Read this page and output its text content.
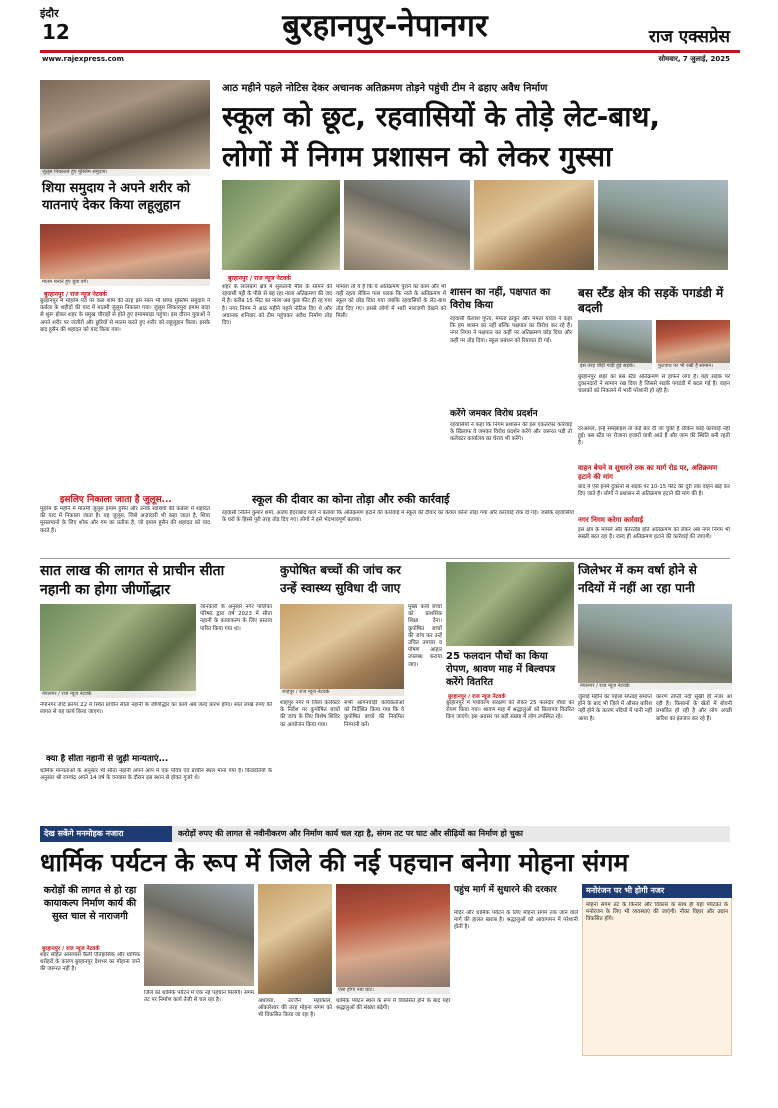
इंदौर
12	बुरहानपुर-नेपानगर	राज एक्सप्रेस
www.rajexpress.com	सोमवार, 7 जुलाई, 2025
जुलूस निकालते हुए मुस्लिम समुदाय।
शिया समुदाय ने अपने शरीर को यातनाएं देकर किया लहूलुहान
मातम मनाते हुए युवा वर्ग।
बुरहानपुर / राज न्यूज नेटवर्क
बुरहानपुर में मोहर्रम पर्व पर कल शाम की तरह इस साल भी शिया मुस्लिम समुदाय ने कर्बला के शहीदों की याद में मातमी जुलूस निकाला गया। जुलूस शिकारपुरा इमाम बाड़ा से शुरू होकर शहर के प्रमुख चौराहों से होते हुए इमामबाड़ा पहुंचा। इस दौरान युवाओं ने अपने शरीर पर जंजीरों और छुरियों से मातम करते हुए शरीर को लहूलुहान किया। इसके बाद हुसैन की शहादत को याद किया गया।
इसलिए निकाला जाता है जुलूस...
मुहर्रम के महीने में मातमी जुलूस इमाम हुसैन और उनके साथियों की कर्बला में शहादत की याद में निकाला जाता है। यह जुलूस, जिसे अज़ादारी भी कहा जाता है, शिया मुसलमानों के लिए शोक और गम का प्रतीक है, जो इमाम हुसैन की शहादत को याद करते हैं।
आठ महीने पहले नोटिस देकर अचानक अतिक्रमण तोड़ने पहुंची टीम ने ढहाए अवैध निर्माण
स्कूल को छूट, रहवासियों के तोड़े लेट-बाथ,
लोगों में निगम प्रशासन को लेकर गुस्सा
बुरहानपुर / राज न्यूज नेटवर्क
शहर के लालबाग क्षेत्र में सुलतानी मौल के सामने की रहवासी पट्टी के पीछे से बह रहा नाला अतिक्रमण की जद में है। करीब 15 फीट का नाला अब कुछ फीट ही रह गया है। नगर निगम ने आठ महीने पहले नोटिस दिए थे और अचानक शनिवार को टीम पहुंचकर अवैध निर्माण तोड़ दिए।
मामला तो ये है कि ये अतिक्रमण पुराने का काम और भी यही रहता लेकिन पास पलक कि नाले के अतिक्रमण में स्कूल को छोड़ दिया गया जबकि रहवासियों के लेट-बाथ तोड़ दिए गए। इससे लोगों में भारी नाराजगी देखने को मिली।
शासन का नहीं, पक्षपात का विरोध किया
रहवासी कैलाश गुप्ता, ममता ठाकुर और ममता यादव ने कहा कि हम शासन का नहीं बल्कि पक्षपात का विरोध कर रहे हैं। नगर निगम ने पक्षपात कर कहीं पर अतिक्रमण छोड़ दिया और कहीं पर तोड़ दिया। स्कूल प्रबंधन को रियायत दी गई।
करेंगे जमकर विरोध प्रदर्शन
रहवासियों ने कहा कि निगम प्रशासन की इस एकतरफा कार्रवाई के खिलाफ वे जमकर विरोध प्रदर्शन करेंगे और जरूरत पड़ी तो कलेक्टर कार्यालय का घेराव भी करेंगे।
स्कूल की दीवार का कोना तोड़ा और रुकी कार्रवाई
रहवासी नितिन कुमार शर्मा, अजय हैदराबाद वाले ने बताया कि अतिक्रमण हटाने की कार्रवाई में स्कूल की दीवार का केवल कोना तोड़ा गया और कार्रवाई रोक दी गई। जबकि रहवासियों के घरों के हिस्से पूरी तरह तोड़ दिए गए। लोगों ने इसे भेदभावपूर्ण बताया।
बस स्टैंड क्षेत्र की सड़कें पगडंडी में बदली
इस तरह चौड़ी गाड़ी हुई सड़कें।	फुटपाथ पर भी रखी है सामान।
बुरहानपुर शहर का बस स्टैंड अतिक्रमण से हांफने लगा है। यहां सड़क पर दुकानदारों ने सामान रख दिया है जिससे सड़कें पगडंडी में बदल गई हैं। वाहन चालकों को निकलने में भारी परेशानी हो रही है।
दरअसल, इन्हें समझाइश तो कई बार दी जा चुकी है लेकिन कोई कार्रवाई नहीं हुई। बस स्टैंड पर रोजाना हजारों यात्री आते हैं और जाम की स्थिति बनी रहती है।
वाहन बेचने व सुधारने तक का मार्ग रोड पर, अतिक्रमण हटाने की मांग
बाद में ऐसे इनमें दुकानों से सड़क पर 10-15 फीट की दूरी तक वाहन खड़े कर दिए जाते हैं। लोगों ने प्रशासन से अतिक्रमण हटाने की मांग की है।
नगर निगम करेगा कार्रवाई
इस क्षेत्र के मामले और बेतरतीब होते अतिक्रमण को लेकर अब नगर निगम भी सख्ती बरत रहा है। जल्द ही अतिक्रमण हटाने की कार्रवाई की जाएगी।
सात लाख की लागत से प्राचीन सीता नहानी का होगा जीर्णोद्धार
नेपानगर / राज न्यूज नेटवर्क
जानकारी के अनुसार नगर पालिका परिषद द्वारा वर्ष 2023 में सीता नहानी के कायाकल्प के लिए प्रस्ताव पारित किया गया था।
नेपानगर जांदे फ्रांगर 22 में स्थित प्राचीन सीता नहानी के जीर्णोद्धार का कार्य अब जल्द प्रारंभ होगा। सात लाख रुपए की लागत से यह कार्य किया जाएगा।
क्या है सीता नहानी से जुड़ी मान्यताएं...
धार्मिक मान्यताओं के अनुसार भी सीता नहानी अपने आप में एक पवित्र एवं प्राचीन स्थल माना गया है। किवदंतियों के अनुसार श्री रामचंद्र अपने 14 वर्ष के वनवास के दौरान इस स्थान से होकर गुजरे थे।
कुपोषित बच्चों की जांच कर
उन्हें स्वास्थ्य सुविधा दी जाए
शाहपुर / राज न्यूज नेटवर्क
मुख्य कार्य बच्चों को प्राथमिक शिक्षा देना। कुपोषित बच्चों की जांच कर उन्हें उचित उपचार व पोषण आहार उपलब्ध कराया जाए।
शाहपुर नगर में जिला कलेक्टर के निर्देश पर कुपोषित बच्चों की जांच के लिए विशेष शिविर का आयोजन किया गया।
सभी आंगनवाड़ी कार्यकर्ताओं को निर्देशित किया गया कि वे कुपोषित बच्चों की नियमित निगरानी करें।
25 फलदान पौधों का किया रोपण, श्रावण माह में बिल्वपत्र करेंगे वितरित
बुरहानपुर / राज न्यूज नेटवर्क
बुरहानपुर में पर्यावरण संरक्षण को लेकर 25 फलदार पौधों का रोपण किया गया। श्रावण माह में श्रद्धालुओं को बिल्वपत्र वितरित किए जाएंगे। इस अवसर पर बड़ी संख्या में लोग उपस्थित रहे।
जिलेभर में कम वर्षा होने से
नदियों में नहीं आ रहा पानी
नेपानगर / राज न्यूज नेटवर्क
जुलाई महीने का पहला सप्ताह समाप्त होने के बाद भी जिले में औसत बारिश नहीं होने के कारण नदियों में पानी नहीं आया है।
कारण ताप्ती नदी सूखी ही नजर आ रही है। किसानों के खेतों में बोवनी प्रभावित हो रही है और लोग अच्छी बारिश का इंतजार कर रहे हैं।
देख सकेंगे मनमोहक नजारा	करोड़ों रुपए की लागत से नवीनीकरण और निर्माण कार्य चल रहा है, संगम तट पर घाट और सीढ़ियों का निर्माण हो चुका
धार्मिक पर्यटन के रूप में जिले की नई पहचान बनेगा मोहना संगम
करोड़ों की लागत से हो रहा कायाकल्प निर्माण कार्य की सुस्त चाल से नाराजगी
बुरहानपुर / राज न्यूज नेटवर्क
शहर सहित आसपास कैली ऐतिहासिक और धार्मिक धरोहरों के कारण बुरहानपुर देशभर का मोहाना जाने की जरूरत नहीं है।
जिले को धार्मिक पर्यटन में एक नई पहचान मिलेगी। संगम तट पर निर्माण कार्य तेजी से चल रहा है।
ऐसा होगा नया घाट।
अधोध्या, उज्जैन महाकाल, ओंकारेश्वर की तरह मोहना संगम को भी विकसित किया जा रहा है।
धार्मिक पर्यटन स्थल के रूप में विकसित होने के बाद यहां श्रद्धालुओं की संख्या बढ़ेगी।
पहुंच मार्ग में सुधारने की दरकार
मंदिर और धार्मिक पर्यटन के लिए मोहना संगम तक जाने वाले मार्ग की हालत खराब है। श्रद्धालुओं को आवागमन में परेशानी होती है।
मनोरंजन पर भी होगी नजर
मोहना संगम तट के किनारे और विकास के साथ ही यहां पर्यटकों के मनोरंजन के लिए भी व्यवस्थाएं की जाएंगी। नौका विहार और उद्यान विकसित होंगे।
